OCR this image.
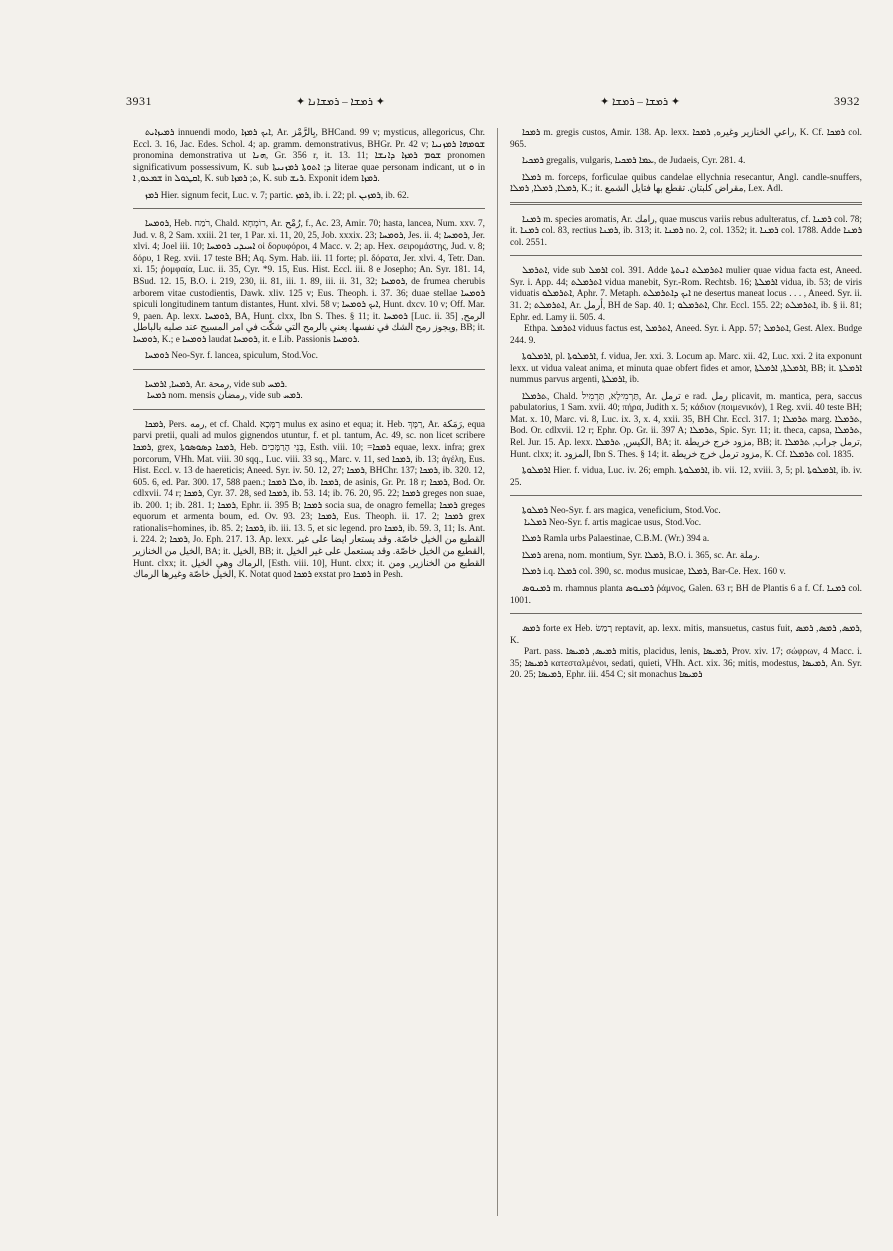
3931	✦ ܪܡܫܐ – ܪܡܫܐܢܐ ✦	✦ ܪܡܫܐ – ܪܡܫܐ ✦	3932

ܪܡܝܙܐܝܬ innuendi modo, ܐܝܟ ܪܡܙܐ, Ar. بِالرَّمْز, BHCand. 99 v; mysticus, allegoricus, Chr. Eccl. 3. 16, Jac. Edes. Schol. 4; ap. gramm. demonstrativus, BHGr. Pr. 42 v; ܫܘܡܗܐ ܪܡܙܢܝܐ pronomina demonstrativa ut ܗܢܐ, Gr. 356 r, it. 13. 11; ܫܘܡ ܪܡܙܐ ܕܐܢܫܐ pronomen significativum possessivum, K. sub ܕ; ܐܬܘܬܐ ܪܡܙܢܝܬܐ literae quae personam indicant, ut ܘ in ܫܡܥܘ, ܐ in ܐܩܛܘܠ, K. sub ܬ; ܪܡܙܐ, K. sub ܪܝܫ. Exponit idem ܪܡܙܐ.

ܪܡܙ Hier. signum fecit, Luc. v. 7; partic. ܪܡܙ, ib. i. 22; pl. ܪܡܙܝܢ, ib. 62.

ܪܘܡܚܐ, Heb. רֹמַח, Chald. רוֹמְחָא, Ar. رُمْح, f., Ac. 23, Amir. 70; hasta, lancea, Num. xxv. 7, Jud. v. 8, 2 Sam. xxiii. 21 ter, 1 Par. xi. 11, 20, 25, Job. xxxix. 23; ܪܘܡܚܐ, Jes. ii. 4; ܪܘܡܚܐ, Jer. xlvi. 4; Joel iii. 10; ܐܚܝܕܝ ܪܘܡܚܐ οἱ δορυφόροι, 4 Macc. v. 2; ap. Hex. σειρομάστης, Jud. v. 8; δόρυ, 1 Reg. xvii. 17 teste BH; Aq. Sym. Hab. iii. 11 forte; pl. δόρατα, Jer. xlvi. 4, Tetr. Dan. xi. 15; ῥομφαία, Luc. ii. 35, Cyr. *9. 15, Eus. Hist. Eccl. iii. 8 e Josepho; An. Syr. 181. 14, BSud. 12. 15, B.O. i. 219, 230, ii. 81, iii. 1. 89, iii. ii. 31, 32; ܪܘܡܚܐ, de frumea cherubis arborem vitae custodientis, Dawk. xliv. 125 v; Eus. Theoph. i. 37. 36; duae stellae ܪܘܡܚܐ spiculi longitudinem tantum distantes, Hunt. xlvi. 58 v; ܐܝܟ ܪܘܡܚܐ, Hunt. dxcv. 10 v; Off. Mar. 9, paen. Ap. lexx. ܪܘܡܚܐ, BA, Hunt. clxx, Ibn S. Thes. § 11; it. ܪܘܡܚܐ [Luc. ii. 35] الرمح, ويجوز رمح الشك في نفسها. يعني بالرمح التي شكّت في امر المسيح عند صلبه بالباطل, BB; it. ܪܘܡܚܐ, K.; e ܪܘܡܚܐ laudat ܪܘܡܚܐ, it. e Lib. Passionis ܪܘܡܚܐ.

ܪܘܡܚܐ Neo-Syr. f. lancea, spiculum, Stod.Voc.

ܪܡܚܐ, ܐܪܡܚܐ, Ar. رمحة, vide sub ܪܡܚ.

ܪܡܚܐ nom. mensis رمضان, vide sub ܪܡܚ.

ܪܡܟܐ, Pers. رمه, et cf. Chald. רַמָּכָא mulus ex asino et equa; it. Heb. רַמָּךְ, Ar. رَمَكة, equa parvi pretii, quali ad mulos gignendos utuntur, f. et pl. tantum, Ac. 49, sc. non licet scribere ܪܡܟܐ, grex, ܪܡܟܐ ܕܣܘܣܘܬܐ, Heb. בְּנֵי הָרַמָּכִים, Esth. viii. 10; =ܪܡܟܐ equae, lexx. infra; grex porcorum, VHh. Mat. viii. 30 sqq., Luc. viii. 33 sq., Marc. v. 11, sed ܪܡܟܐ, ib. 13; ἀγέλη, Eus. Hist. Eccl. v. 13 de haereticis; Aneed. Syr. iv. 50. 12, 27; ܪܡܟܐ, BHChr. 137; ܪܡܟܐ, ib. 320. 12, 605. 6, ed. Par. 300. 17, 588 paen.; ܘܠܐ ܪܡܟܐ, ib. ܪܡܟܐ, de asinis, Gr. Pr. 18 r; ܪܡܟܐ, Bod. Or. cdlxvii. 74 r; ܪܡܟܐ, Cyr. 37. 28, sed ܪܡܟܐ, ib. 53. 14; ib. 76. 20, 95. 22; ܪܡܟܐ greges non suae, ib. 200. 1; ib. 281. 1; ܪܡܟܐ, Ephr. ii. 395 B; ܪܡܟܐ socia sua, de onagro femella; ܪܡܟܐ greges equorum et armenta boum, ed. Ov. 93. 23; ܪܡܟܐ, Eus. Theoph. ii. 17. 2; ܪܡܟܐ grex rationalis=homines, ib. 85. 2; ܪܡܟܐ, ib. iii. 13. 5, et sic legend. pro ܪܡܟܐ, ib. 59. 3, 11; Is. Ant. i. 224. 2; ܪܡܟܐ, Jo. Eph. 217. 13. Ap. lexx. القطيع من الخيل خاصّة. وقد يستعار ايضا على غير الخيل من الخنازير, BA; it. الخيل, BB; it. القطيع من الخيل خاصّة. وقد يستعمل على غير الخيل, Hunt. clxx; it. الرماك وهي الخيل, [Esth. viii. 10], Hunt. clxx; it. القطيع من الخنازير, ومن الخيل خاصّة وغيرها الرماك, K. Notat quod ܪܡܟܐ exstat pro ܪܡܟܐ in Pesh.

ܪܡܟܐ m. gregis custos, Amir. 138. Ap. lexx. راعي الخنازير وغيره, ܪܡܟܐ, K. Cf. ܪܡܟܐ col. 965.

ܪܡܟܝܐ gregalis, vulgaris, ܥܡܐ ܪܡܟܝܐ, de Judaeis, Cyr. 281. 4.

ܪܡܠܐ m. forceps, forficulae quibus candelae ellychnia resecantur, Angl. candle-snuffers, ܪܡܠܐ, ܪܡܠܐ, ܪܡܠܐ, K.; it. مقراض كلبتان. تقطع بها فتايل الشمع, Lex. Adl.

ܪܡܢܐ m. species aromatis, Ar. رامك, quae muscus variis rebus adulteratus, cf. ܪܡܢܐ col. 78; it. ܪܡܢܐ col. 83, rectius ܪܡܢܐ, ib. 313; it. ܪܡܢܐ no. 2, col. 1352; it. ܪܡܢܐ col. 1788. Adde ܪܡܢܐ col. 2551.

ܐܬܪܡܠ, vide sub ܐܪܡܠ col. 391. Adde ܐܬܪܡܠܬ ܐܢܬܬܐ mulier quae vidua facta est, Aneed. Syr. i. App. 44; ܐܬܪܡܠܬ vidua manebit, Syr.-Rom. Rechtsb. 16; ܐܪܡܠܬܐ vidua, ib. 53; de viris viduatis ܐܬܪܡܠܘ, Aphr. 7. Metaph. ܐܝܟ ܕܐܬܪܡܠܬ ne desertus maneat locus . . . , Aneed. Syr. ii. 31. 2; ܐܬܪܡܠܬ, Ar. أرمل, BH de Sap. 40. 1; ܐܬܪܡܠܘ, Chr. Eccl. 155. 22; ܐܬܪܡܠܬ, ib. § ii. 81; Ephr. ed. Lamy ii. 505. 4.

Ethpa. ܐܬܪܡܠ viduus factus est, ܐܬܪܡܠ, Aneed. Syr. i. App. 57; ܐܬܪܡܠ, Gest. Alex. Budge 244. 9.

ܐܪܡܠܘܬܐ, pl. ܐܪܡܠܘܬܐ, f. vidua, Jer. xxi. 3. Locum ap. Marc. xii. 42, Luc. xxi. 2 ita exponunt lexx. ut vidua valeat anima, et minuta quae obfert fides et amor, ܐܪܡܠܬܐ, ܐܪܡܠܬܐ, BB; it. ܐܪܡܠܬܐ nummus parvus argenti, ܐܪܡܠܬܐ, ib.

ܬܪܡܠܐ, Chald. תַּרְמִילָא, תַּרְמִיל, Ar. ترمل e rad. رمل plicavit, m. mantica, pera, saccus pabulatorius, 1 Sam. xvii. 40; πήρα, Judith x. 5; κάδιον (ποιμενικόν), 1 Reg. xvii. 40 teste BH; Mat. x. 10, Marc. vi. 8, Luc. ix. 3, x. 4, xxii. 35, BH Chr. Eccl. 317. 1; ܬܪܡܠܐ marg. ܬܪܡܠܐ, Bod. Or. cdlxvii. 12 r; Ephr. Op. Gr. ii. 397 A; ܬܪܡܠܐ, Spic. Syr. 11; it. theca, capsa, ܬܪܡܠܐ, Rel. Jur. 15. Ap. lexx. الكيس, ܬܪܡܠܐ, BA; it. مزود خرج خريطة, BB; it. ترمل جراب, ܬܪܡܠܐ, Hunt. clxx; it. المزود, Ibn S. Thes. § 14; it. مزود ترمل خرج خريطة, K. Cf. ܬܪܡܠܐ col. 1835.

ܐܪܡܠܘܬܐ Hier. f. vidua, Luc. iv. 26; emph. ܐܪܡܠܘܬܐ, ib. vii. 12, xviii. 3, 5; pl. ܐܪܡܠܘܬܐ, ib. iv. 25.

ܪܡܠܘܬܐ Neo-Syr. f. ars magica, veneficium, Stod.Voc.

ܪܡܠܝܐ Neo-Syr. f. artis magicae usus, Stod.Voc.

ܪܡܠܐ Ramla urbs Palaestinae, C.B.M. (Wr.) 394 a.

ܪܡܠܐ arena, nom. montium, Syr. ܪܡܠܐ, B.O. i. 365, sc. Ar. رملة.

ܪܡܠܐ i.q. ܪܡܠܐ col. 390, sc. modus musicae, ܪܡܠܐ, Bar-Ce. Hex. 160 v.

ܪܡܢܘܣ m. rhamnus planta ܪܡܢܘܣ ῥάμνος, Galen. 63 r; BH de Plantis 6 a f. Cf. ܪܡܢܐ col. 1001.

ܪܡܣ forte ex Heb. רָמַשׂ reptavit, ap. lexx. mitis, mansuetus, castus fuit, ܪܡܣ, ܪܡܣ, ܪܡܣ, K.

Part. pass. ܪܡܝܣ, ܪܡܝܣܐ mitis, placidus, lenis, ܪܡܝܣܐ, Prov. xiv. 17; σώφρων, 4 Macc. i. 35; ܪܡܝܣܐ κατεσταλμένοι, sedati, quieti, VHh. Act. xix. 36; mitis, modestus, ܪܡܝܣܐ, An. Syr. 20. 25; ܪܡܝܣܐ, Ephr. iii. 454 C; sit monachus ܪܡܝܣܐ
